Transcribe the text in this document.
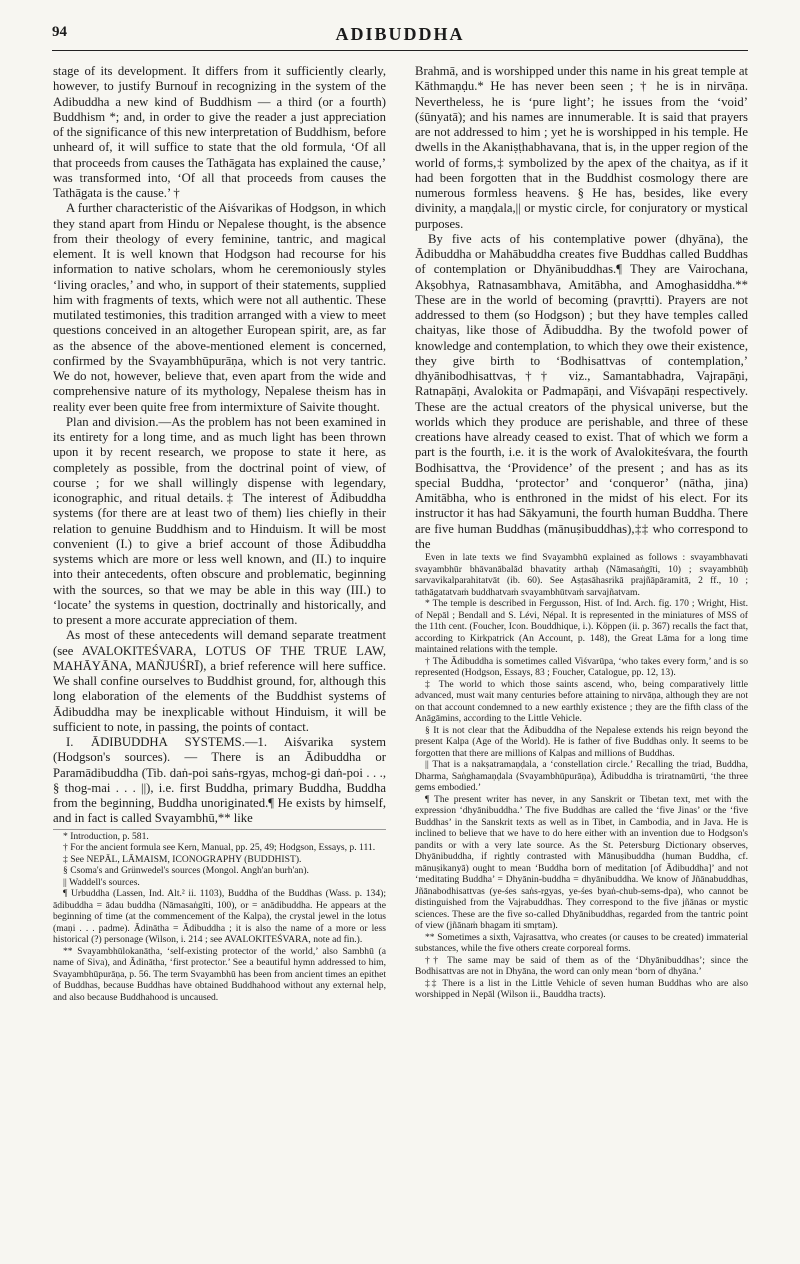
94	ADIBUDDHA

stage of its development. It differs from it sufficiently clearly, however, to justify Burnouf in recognizing in the system of the Adibuddha a new kind of Buddhism — a third (or a fourth) Buddhism *; and, in order to give the reader a just appreciation of the significance of this new interpretation of Buddhism, before unheard of, it will suffice to state that the old formula, ‘Of all that proceeds from causes the Tathāgata has explained the cause,’ was transformed into, ‘Of all that proceeds from causes the Tathāgata is the cause.’ †

A further characteristic of the Aiśvarikas of Hodgson, in which they stand apart from Hindu or Nepalese thought, is the absence from their theology of every feminine, tantric, and magical element. It is well known that Hodgson had recourse for his information to native scholars, whom he ceremoniously styles ‘living oracles,’ and who, in support of their statements, supplied him with fragments of texts, which were not all authentic. These mutilated testimonies, this tradition arranged with a view to meet questions conceived in an altogether European spirit, are, as far as the absence of the above-mentioned element is concerned, confirmed by the Svayambhūpurāṇa, which is not very tantric. We do not, however, believe that, even apart from the wide and comprehensive nature of its mythology, Nepalese theism has in reality ever been quite free from intermixture of Saivite thought.

Plan and division.—As the problem has not been examined in its entirety for a long time, and as much light has been thrown upon it by recent research, we propose to state it here, as completely as possible, from the doctrinal point of view, of course ; for we shall willingly dispense with legendary, iconographic, and ritual details.‡ The interest of Ādibuddha systems (for there are at least two of them) lies chiefly in their relation to genuine Buddhism and to Hinduism. It will be most convenient (I.) to give a brief account of those Ādibuddha systems which are more or less well known, and (II.) to inquire into their antecedents, often obscure and problematic, beginning with the sources, so that we may be able in this way (III.) to ‘locate’ the systems in question, doctrinally and historically, and to present a more accurate appreciation of them.

As most of these antecedents will demand separate treatment (see AVALOKITEŚVARA, LOTUS OF THE TRUE LAW, MAHĀYĀNA, MAÑJUŚRĪ), a brief reference will here suffice. We shall confine ourselves to Buddhist ground, for, although this long elaboration of the elements of the Buddhist systems of Ādibuddha may be inexplicable without Hinduism, it will be sufficient to note, in passing, the points of contact.

I. ĀDIBUDDHA SYSTEMS.—1. Aiśvarika system (Hodgson's sources). — There is an Ādibuddha or Paramādibuddha (Tib. daṅ-poi saṅs-rgyas, mchog-gi daṅ-poi . . ., § thog-mai . . . ||), i.e. first Buddha, primary Buddha, Buddha from the beginning, Buddha unoriginated.¶ He exists by himself, and in fact is called Svayambhū,** like

* Introduction, p. 581.

† For the ancient formula see Kern, Manual, pp. 25, 49; Hodgson, Essays, p. 111.

‡ See NEPĀL, LĀMAISM, ICONOGRAPHY (BUDDHIST).

§ Csoma's and Grünwedel's sources (Mongol. Angh'an burh'an).

|| Waddell's sources.

¶ Urbuddha (Lassen, Ind. Alt.² ii. 1103), Buddha of the Buddhas (Wass. p. 134); ādibuddha = ādau buddha (Nāmasaṅgīti, 100), or = anādibuddha. He appears at the beginning of time (at the commencement of the Kalpa), the crystal jewel in the lotus (maṇi . . . padme). Ādinātha = Ādibuddha ; it is also the name of a more or less historical (?) personage (Wilson, i. 214 ; see AVALOKITEŚVARA, note ad fin.).

** Svayambhūlokanātha, ‘self-existing protector of the world,’ also Sambhū (a name of Siva), and Ādinātha, ‘first protector.’ See a beautiful hymn addressed to him, Svayambhūpurāṇa, p. 56. The term Svayambhū has been from ancient times an epithet of Buddhas, because Buddhas have obtained Buddhahood without any external help, and also because Buddhahood is uncaused.

Brahmā, and is worshipped under this name in his great temple at Kāthmaṇḍu.* He has never been seen ; † he is in nirvāṇa. Nevertheless, he is ‘pure light’; he issues from the ‘void’ (śūnyatā); and his names are innumerable. It is said that prayers are not addressed to him ; yet he is worshipped in his temple. He dwells in the Akaniṣṭhabhavana, that is, in the upper region of the world of forms,‡ symbolized by the apex of the chaitya, as if it had been forgotten that in the Buddhist cosmology there are numerous formless heavens. § He has, besides, like every divinity, a maṇḍala,|| or mystic circle, for conjuratory or mystical purposes.

By five acts of his contemplative power (dhyāna), the Ādibuddha or Mahābuddha creates five Buddhas called Buddhas of contemplation or Dhyānibuddhas.¶ They are Vairochana, Akṣobhya, Ratnasambhava, Amitābha, and Amoghasiddha.** These are in the world of becoming (pravṛtti). Prayers are not addressed to them (so Hodgson) ; but they have temples called chaityas, like those of Ādibuddha. By the twofold power of knowledge and contemplation, to which they owe their existence, they give birth to ‘Bodhisattvas of contemplation,’ dhyānibodhisattvas,†† viz., Samantabhadra, Vajrapāṇi, Ratnapāṇi, Avalokita or Padmapāṇi, and Viśvapāṇi respectively. These are the actual creators of the physical universe, but the worlds which they produce are perishable, and three of these creations have already ceased to exist. That of which we form a part is the fourth, i.e. it is the work of Avalokiteśvara, the fourth Bodhisattva, the ‘Providence’ of the present ; and has as its special Buddha, ‘protector’ and ‘conqueror’ (nātha, jina) Amitābha, who is enthroned in the midst of his elect. For its instructor it has had Sākyamuni, the fourth human Buddha. There are five human Buddhas (mānuṣibuddhas),‡‡ who correspond to the

Even in late texts we find Svayambhū explained as follows : svayambhavati svayambhūr bhāvanābalād bhavatity arthaḥ (Nāmasaṅgīti, 10) ; svayambhūḥ sarvavikalparahitatvāt (ib. 60). See Aṣṭasāhasrikā prajñāpāramitā, 2 ff., 10 ; tathāgatatvaṁ buddhatvaṁ svayambhūtvaṁ sarvajñatvam.

* The temple is described in Fergusson, Hist. of Ind. Arch. fig. 170 ; Wright, Hist. of Nepāl ; Bendall and S. Lévi, Népal. It is represented in the miniatures of MSS of the 11th cent. (Foucher, Icon. Bouddhique, i.). Köppen (ii. p. 367) recalls the fact that, according to Kirkpatrick (An Account, p. 148), the Great Lāma for a long time maintained relations with the temple.

† The Ādibuddha is sometimes called Viśvarūpa, ‘who takes every form,’ and is so represented (Hodgson, Essays, 83 ; Foucher, Catalogue, pp. 12, 13).

‡ The world to which those saints ascend, who, being comparatively little advanced, must wait many centuries before attaining to nirvāṇa, although they are not on that account condemned to a new earthly existence ; they are the fifth class of the Anāgāmins, according to the Little Vehicle.

§ It is not clear that the Ādibuddha of the Nepalese extends his reign beyond the present Kalpa (Age of the World). He is father of five Buddhas only. It seems to be forgotten that there are millions of Kalpas and millions of Buddhas.

|| That is a nakṣatramaṇḍala, a ‘constellation circle.’ Recalling the triad, Buddha, Dharma, Saṅghamaṇḍala (Svayambhūpurāṇa), Ādibuddha is triratnamūrti, ‘the three gems embodied.’

¶ The present writer has never, in any Sanskrit or Tibetan text, met with the expression ‘dhyānibuddha.’ The five Buddhas are called the ‘five Jinas’ or the ‘five Buddhas’ in the Sanskrit texts as well as in Tibet, in Cambodia, and in Java. He is inclined to believe that we have to do here either with an invention due to Hodgson's pandits or with a very late source. As the St. Petersburg Dictionary observes, Dhyānibuddha, if rightly contrasted with Mānuṣibuddha (human Buddha, cf. mānuṣikanyā) ought to mean ‘Buddha born of meditation [of Ādibuddha]’ and not ‘meditating Buddha’ = Dhyānin-buddha = dhyānibuddha. We know of Jñānabuddhas, Jñānabodhisattvas (ye-śes saṅs-rgyas, ye-śes byaṅ-chub-sems-dpa), who cannot be distinguished from the Vajrabuddhas. They correspond to the five jñānas or mystic sciences. These are the five so-called Dhyānibuddhas, regarded from the tantric point of view (jñānaṁ bhagam iti smṛtam).

** Sometimes a sixth, Vajrasattva, who creates (or causes to be created) immaterial substances, while the five others create corporeal forms.

†† The same may be said of them as of the ‘Dhyānibuddhas’; since the Bodhisattvas are not in Dhyāna, the word can only mean ‘born of dhyāna.’

‡‡ There is a list in the Little Vehicle of seven human Buddhas who are also worshipped in Nepāl (Wilson ii., Bauddha tracts).
